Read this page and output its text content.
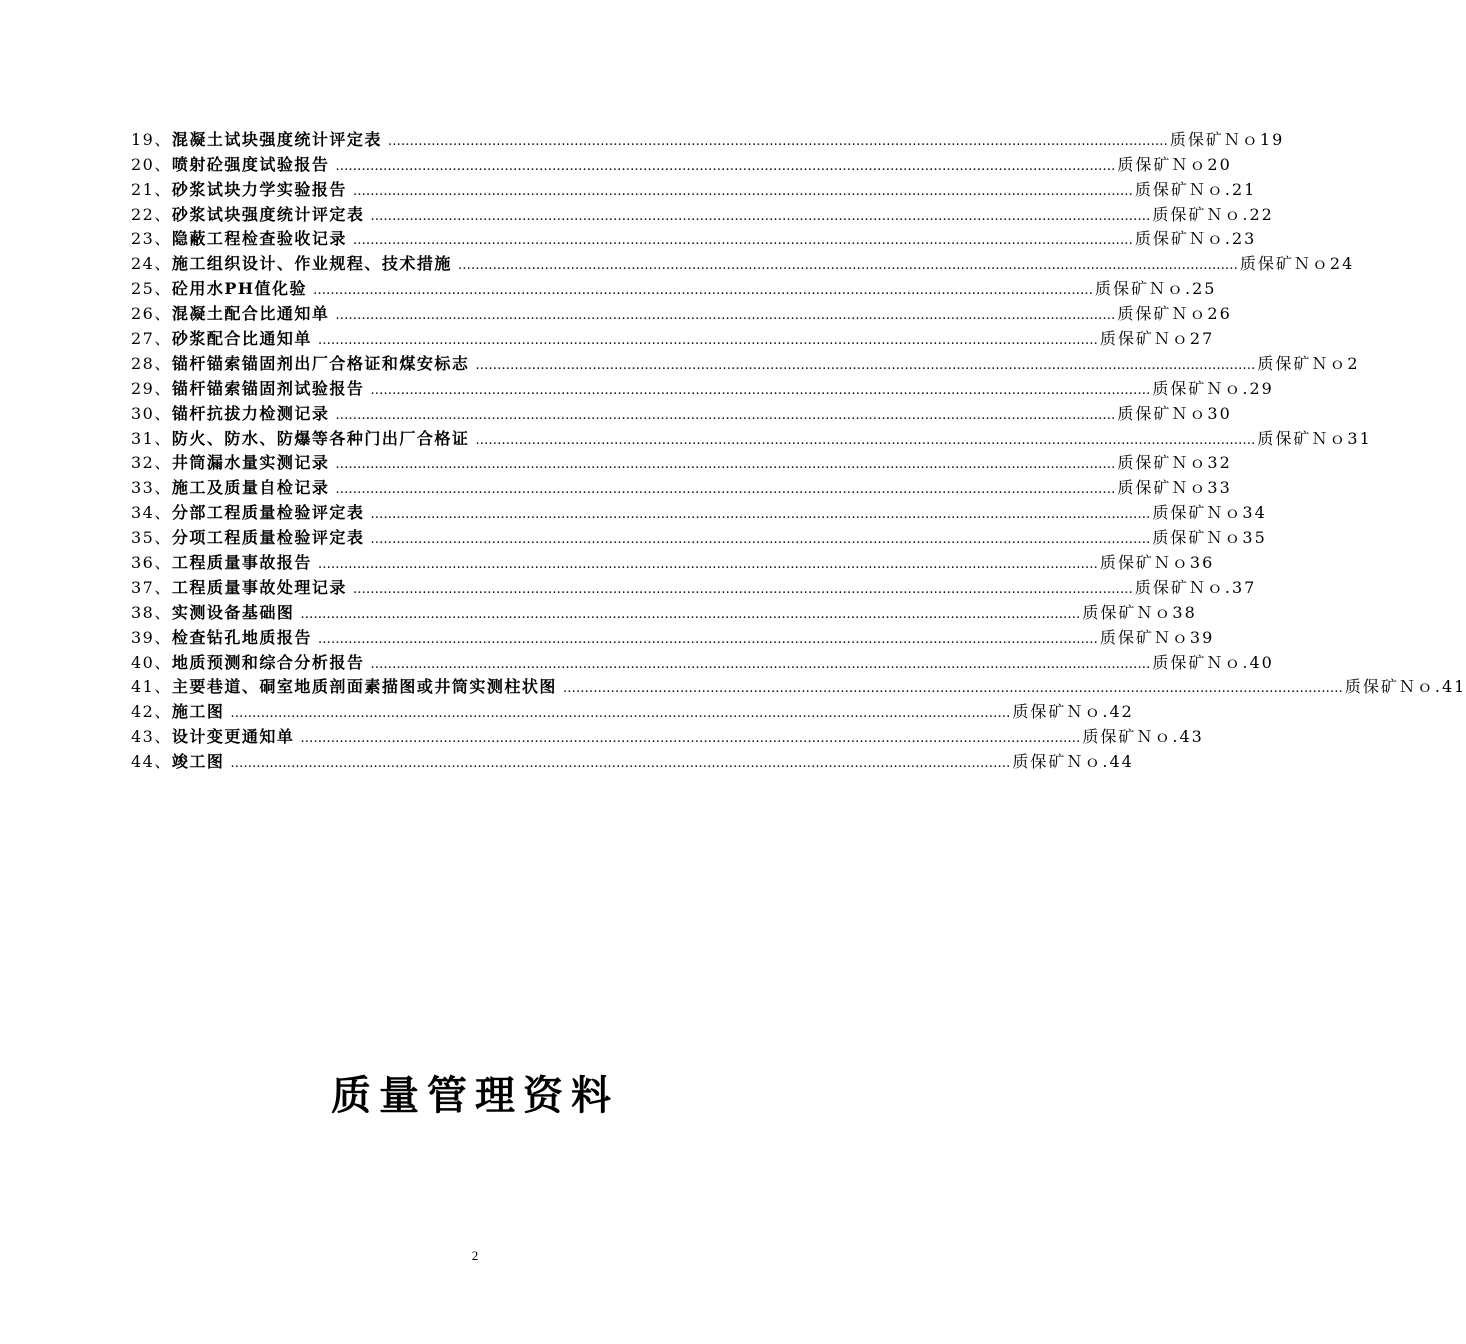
19、 混凝土试块强度统计评定表 ……………………………………………………………………………………………………………………………………………………………… 质保矿Ｎｏ19
20、 喷射砼强度试验报告 ……………………………………………………………………………………………………………………………………………………………… 质保矿Ｎｏ20
21、 砂浆试块力学实验报告 ……………………………………………………………………………………………………………………………………………………………… 质保矿Ｎｏ.21
22、 砂浆试块强度统计评定表 ……………………………………………………………………………………………………………………………………………………………… 质保矿Ｎｏ.22
23、 隐蔽工程检查验收记录 ……………………………………………………………………………………………………………………………………………………………… 质保矿Ｎｏ.23
24、 施工组织设计、作业规程、技术措施 ……………………………………………………………………………………………………………………………………………………………… 质保矿Ｎｏ24
25、 砼用水PH值化验 ……………………………………………………………………………………………………………………………………………………………… 质保矿Ｎｏ.25
26、 混凝土配合比通知单 ……………………………………………………………………………………………………………………………………………………………… 质保矿Ｎｏ26
27、 砂浆配合比通知单 ……………………………………………………………………………………………………………………………………………………………… 质保矿Ｎｏ27
28、 锚杆锚索锚固剂出厂合格证和煤安标志 ……………………………………………………………………………………………………………………………………………………………… 质保矿Ｎｏ2
29、 锚杆锚索锚固剂试验报告 ……………………………………………………………………………………………………………………………………………………………… 质保矿Ｎｏ.29
30、 锚杆抗拔力检测记录 ……………………………………………………………………………………………………………………………………………………………… 质保矿Ｎｏ30
31、 防火、防水、防爆等各种门出厂合格证 ……………………………………………………………………………………………………………………………………………………………… 质保矿Ｎｏ31
32、 井筒漏水量实测记录 ……………………………………………………………………………………………………………………………………………………………… 质保矿Ｎｏ32
33、 施工及质量自检记录 ……………………………………………………………………………………………………………………………………………………………… 质保矿Ｎｏ33
34、 分部工程质量检验评定表 ……………………………………………………………………………………………………………………………………………………………… 质保矿Ｎｏ34
35、 分项工程质量检验评定表 ……………………………………………………………………………………………………………………………………………………………… 质保矿Ｎｏ35
36、 工程质量事故报告 ……………………………………………………………………………………………………………………………………………………………… 质保矿Ｎｏ36
37、 工程质量事故处理记录 ……………………………………………………………………………………………………………………………………………………………… 质保矿Ｎｏ.37
38、 实测设备基础图 ……………………………………………………………………………………………………………………………………………………………… 质保矿Ｎｏ38
39、 检查钻孔地质报告 ……………………………………………………………………………………………………………………………………………………………… 质保矿Ｎｏ39
40、 地质预测和综合分析报告 ……………………………………………………………………………………………………………………………………………………………… 质保矿Ｎｏ.40
41、 主要巷道、硐室地质剖面素描图或井筒实测柱状图 ……………………………………………………………………………………………………………………………………………………………… 质保矿Ｎｏ.41
42、 施工图 ……………………………………………………………………………………………………………………………………………………………… 质保矿Ｎｏ.42
43、 设计变更通知单 ……………………………………………………………………………………………………………………………………………………………… 质保矿Ｎｏ.43
44、 竣工图 ……………………………………………………………………………………………………………………………………………………………… 质保矿Ｎｏ.44
质量管理资料
2
